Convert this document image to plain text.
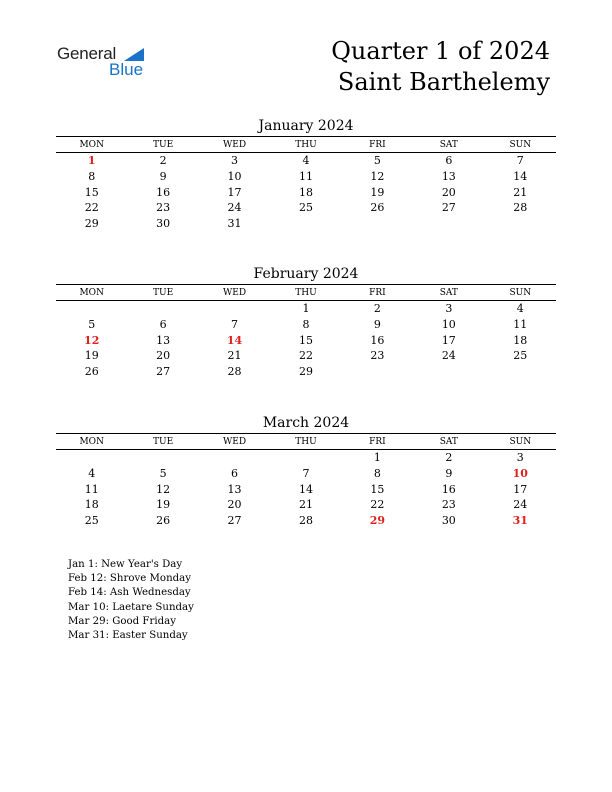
General
Blue
Quarter 1 of 2024
Saint Barthelemy
January 2024
MON	TUE	WED	THU	FRI	SAT	SUN
1	2	3	4	5	6	7
8	9	10	11	12	13	14
15	16	17	18	19	20	21
22	23	24	25	26	27	28
29	30	31				
February 2024
MON	TUE	WED	THU	FRI	SAT	SUN
			1	2	3	4
5	6	7	8	9	10	11
12	13	14	15	16	17	18
19	20	21	22	23	24	25
26	27	28	29			
March 2024
MON	TUE	WED	THU	FRI	SAT	SUN
				1	2	3
4	5	6	7	8	9	10
11	12	13	14	15	16	17
18	19	20	21	22	23	24
25	26	27	28	29	30	31
Jan 1: New Year's Day
Feb 12: Shrove Monday
Feb 14: Ash Wednesday
Mar 10: Laetare Sunday
Mar 29: Good Friday
Mar 31: Easter Sunday
